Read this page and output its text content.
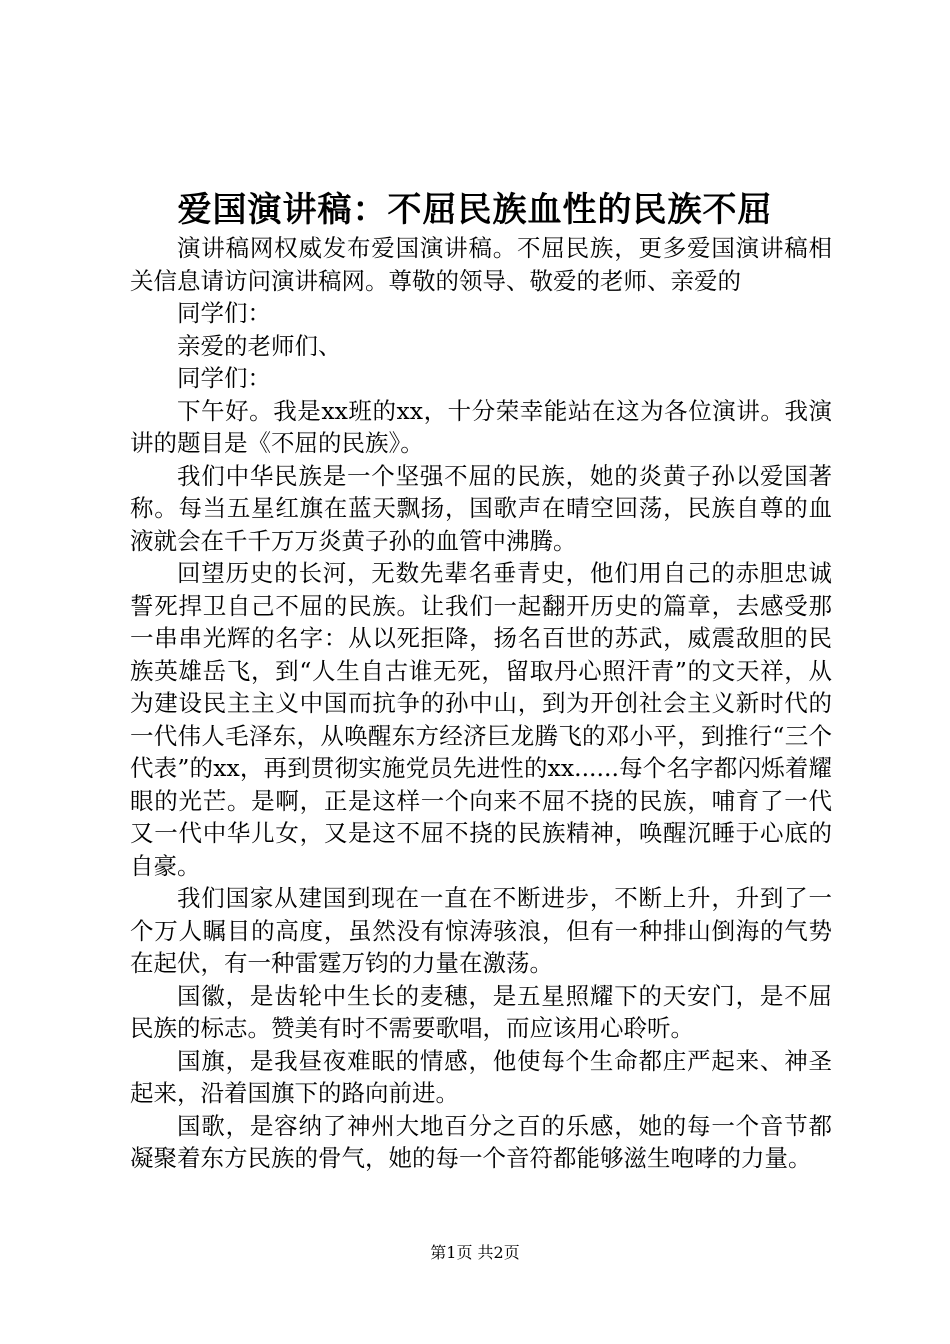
爱国演讲稿：不屈民族血性的民族不屈

演讲稿网权威发布爱国演讲稿。不屈民族，更多爱国演讲稿相关信息请访问演讲稿网。尊敬的领导、敬爱的老师、亲爱的

同学们：

亲爱的老师们、

同学们：

下午好。我是xx班的xx，十分荣幸能站在这为各位演讲。我演讲的题目是《不屈的民族》。

我们中华民族是一个坚强不屈的民族，她的炎黄子孙以爱国著称。每当五星红旗在蓝天飘扬，国歌声在晴空回荡，民族自尊的血液就会在千千万万炎黄子孙的血管中沸腾。

回望历史的长河，无数先辈名垂青史，他们用自己的赤胆忠诚誓死捍卫自己不屈的民族。让我们一起翻开历史的篇章，去感受那一串串光辉的名字：从以死拒降，扬名百世的苏武，威震敌胆的民族英雄岳飞，到“人生自古谁无死，留取丹心照汗青”的文天祥，从为建设民主主义中国而抗争的孙中山，到为开创社会主义新时代的一代伟人毛泽东，从唤醒东方经济巨龙腾飞的邓小平，到推行“三个代表”的xx，再到贯彻实施党员先进性的xx......每个名字都闪烁着耀眼的光芒。是啊，正是这样一个向来不屈不挠的民族，哺育了一代又一代中华儿女，又是这不屈不挠的民族精神，唤醒沉睡于心底的自豪。

我们国家从建国到现在一直在不断进步，不断上升，升到了一个万人瞩目的高度，虽然没有惊涛骇浪，但有一种排山倒海的气势在起伏，有一种雷霆万钧的力量在激荡。

国徽，是齿轮中生长的麦穗，是五星照耀下的天安门，是不屈民族的标志。赞美有时不需要歌唱，而应该用心聆听。

国旗，是我昼夜难眠的情感，他使每个生命都庄严起来、神圣起来，沿着国旗下的路向前进。

国歌，是容纳了神州大地百分之百的乐感，她的每一个音节都凝聚着东方民族的骨气，她的每一个音符都能够滋生咆哮的力量。

第1页 共2页
